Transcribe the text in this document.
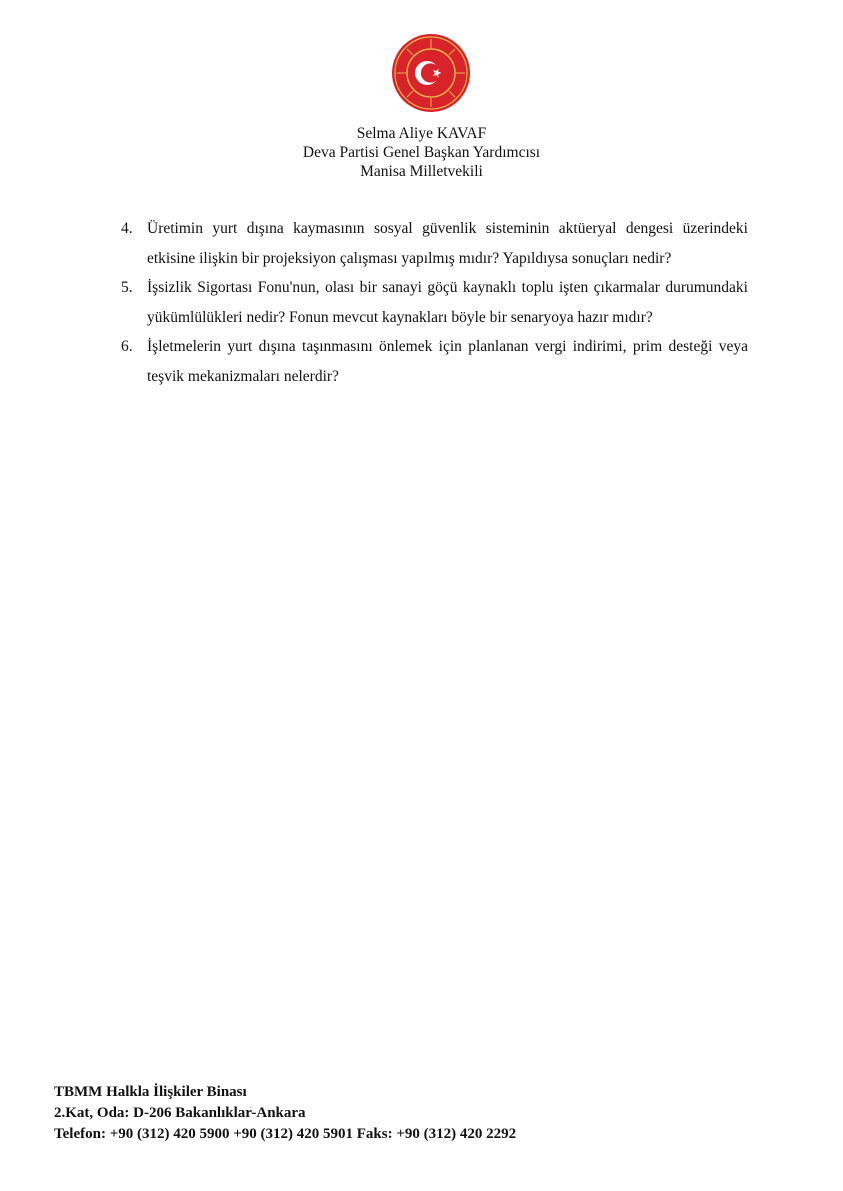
Selma Aliye KAVAF
Deva Partisi Genel Başkan Yardımcısı
Manisa Milletvekili
4. Üretimin yurt dışına kaymasının sosyal güvenlik sisteminin aktüeryal dengesi üzerindeki etkisine ilişkin bir projeksiyon çalışması yapılmış mıdır? Yapıldıysa sonuçları nedir?
5. İşsizlik Sigortası Fonu'nun, olası bir sanayi göçü kaynaklı toplu işten çıkarmalar durumundaki yükümlülükleri nedir? Fonun mevcut kaynakları böyle bir senaryoya hazır mıdır?
6. İşletmelerin yurt dışına taşınmasını önlemek için planlanan vergi indirimi, prim desteği veya teşvik mekanizmaları nelerdir?
TBMM Halkla İlişkiler Binası
2.Kat, Oda: D-206 Bakanlıklar-Ankara
Telefon: +90 (312) 420 5900 +90 (312) 420 5901 Faks: +90 (312) 420 2292
